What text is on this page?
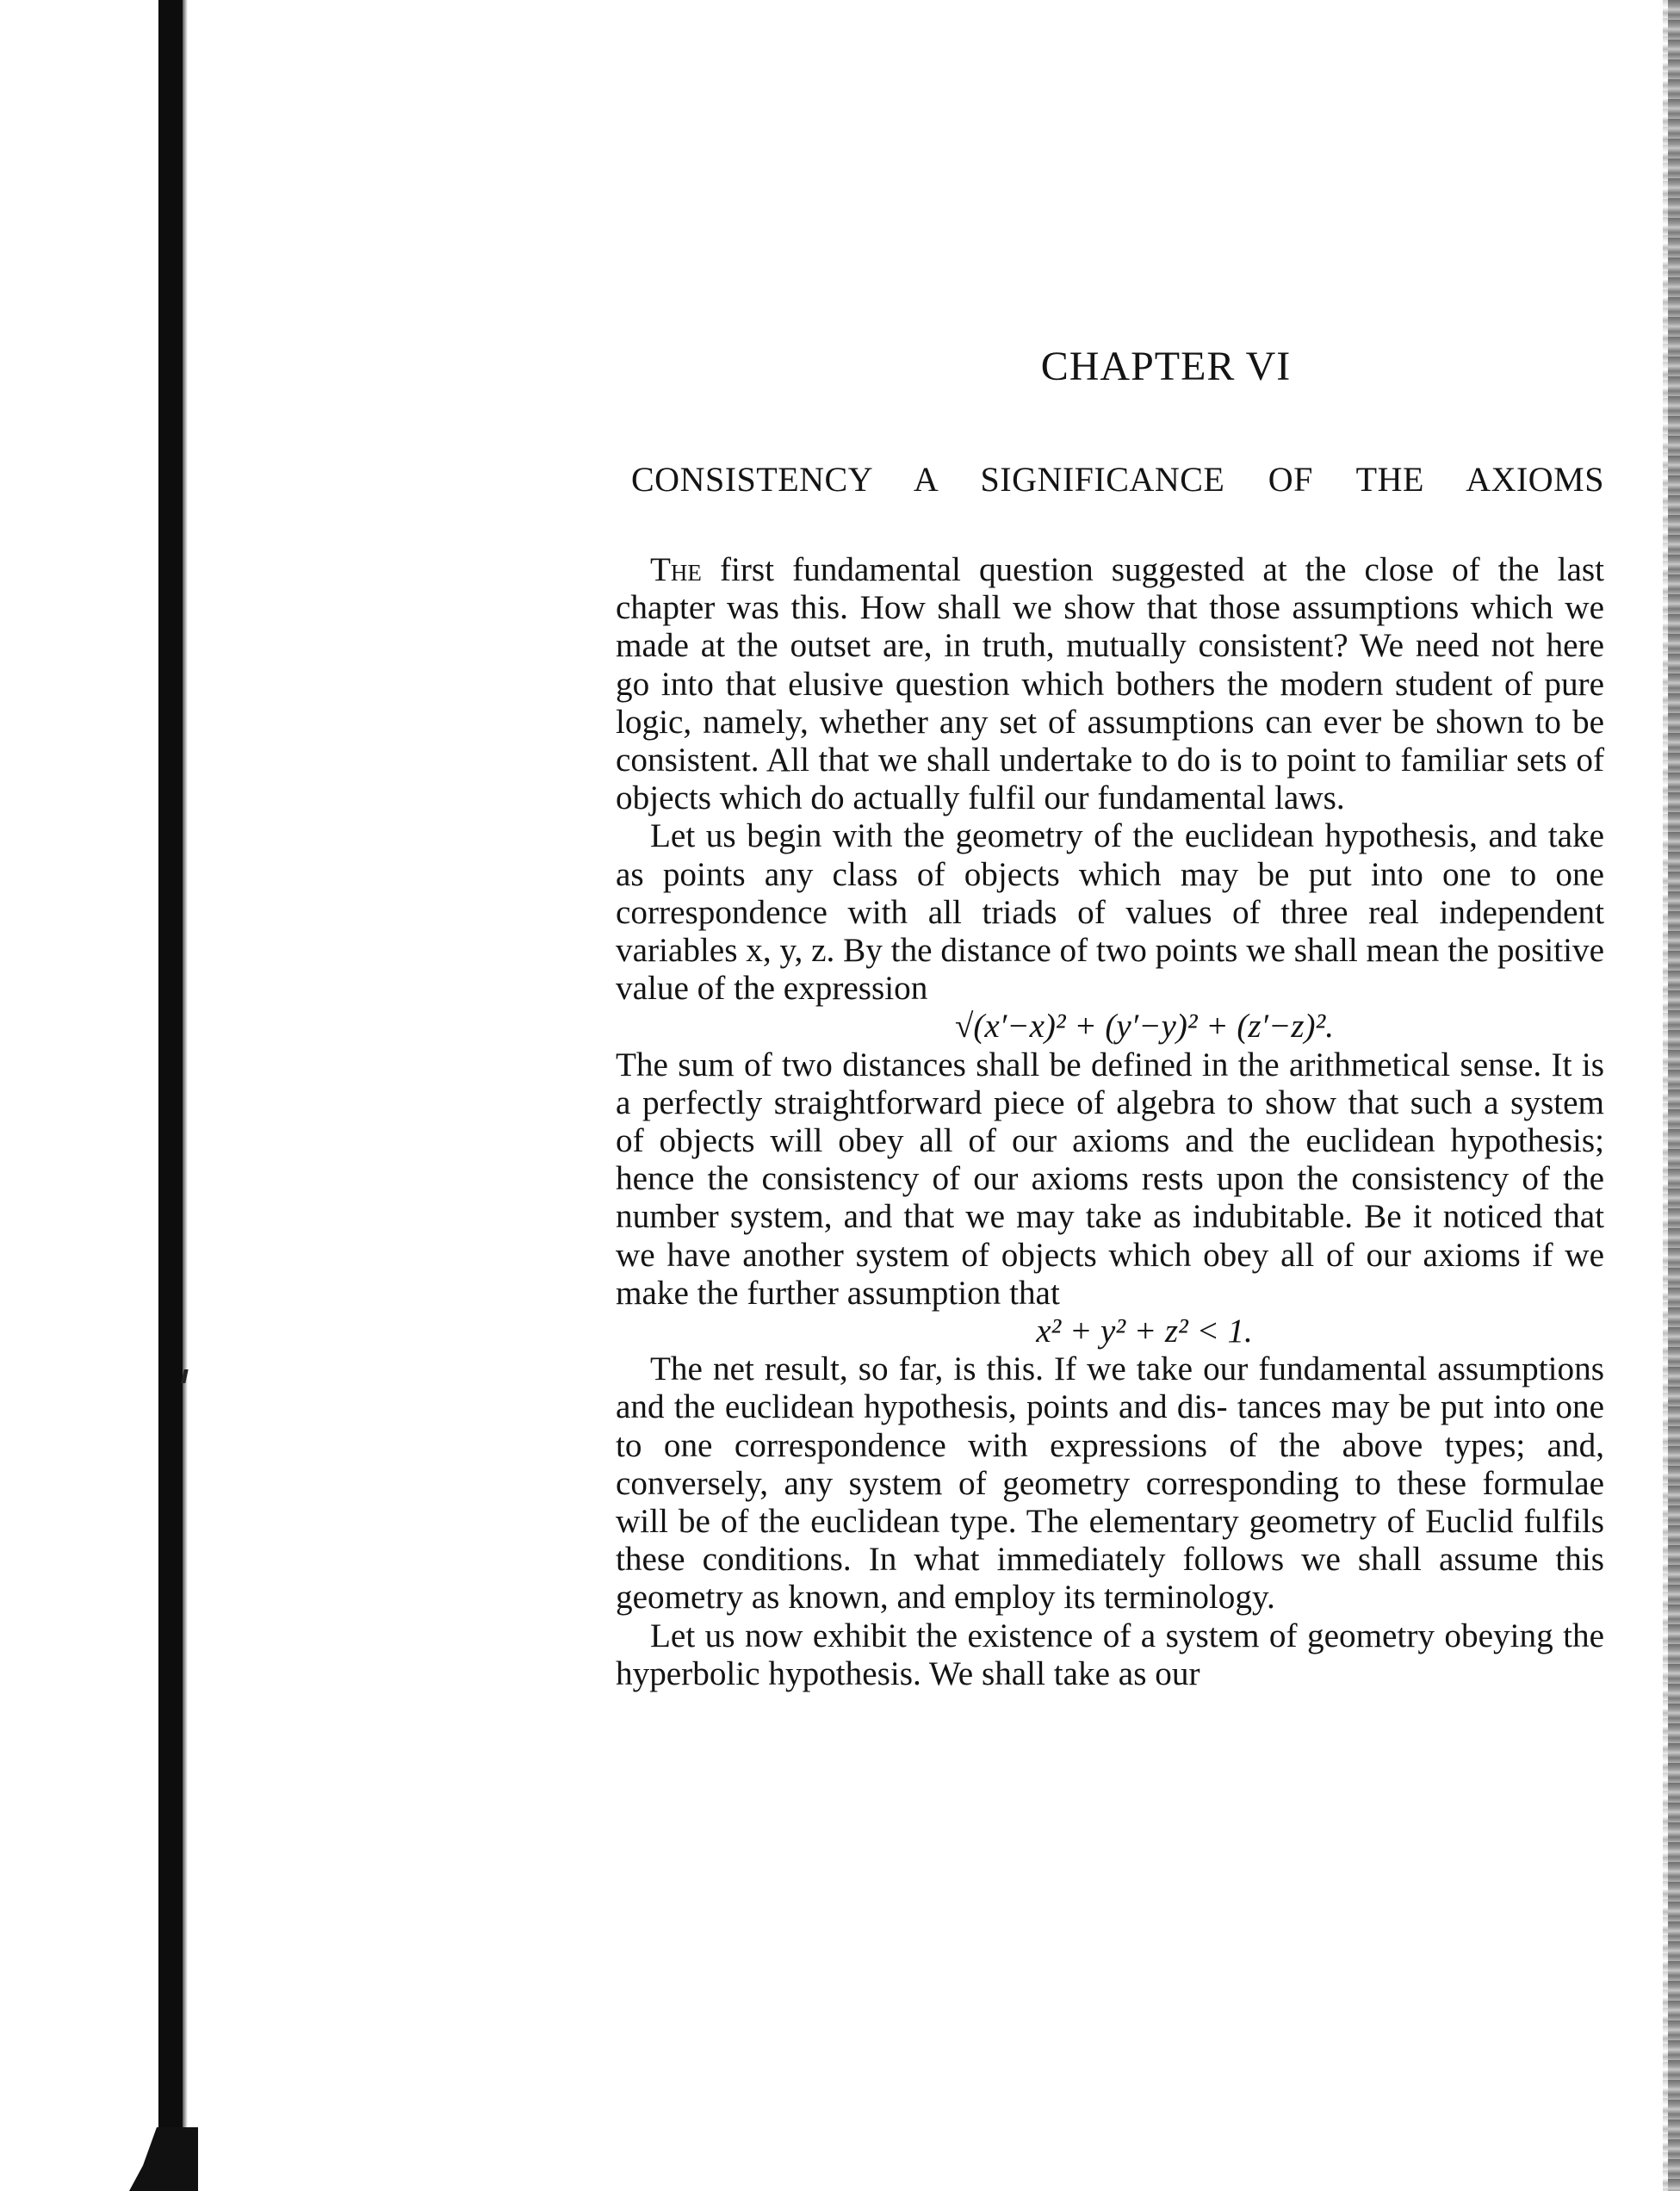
CHAPTER VI
CONSISTENCY A SIGNIFICANCE OF THE AXIOMS

The first fundamental question suggested at the close of the last chapter was this. How shall we show that those assumptions which we made at the outset are, in truth, mutually consistent? We need not here go into that elusive question which bothers the modern student of pure logic, namely, whether any set of assumptions can ever be shown to be consistent. All that we shall undertake to do is to point to familiar sets of objects which do actually fulfil our fundamental laws.

Let us begin with the geometry of the euclidean hypothesis, and take as points any class of objects which may be put into one to one correspondence with all triads of values of three real independent variables x, y, z. By the distance of two points we shall mean the positive value of the expression

√(x′−x)² + (y′−y)² + (z′−z)².

The sum of two distances shall be defined in the arithmetical sense. It is a perfectly straightforward piece of algebra to show that such a system of objects will obey all of our axioms and the euclidean hypothesis; hence the consistency of our axioms rests upon the consistency of the number system, and that we may take as indubitable. Be it noticed that we have another system of objects which obey all of our axioms if we make the further assumption that

x² + y² + z² < 1.

The net result, so far, is this. If we take our fundamental assumptions and the euclidean hypothesis, points and dis- tances may be put into one to one correspondence with expressions of the above types; and, conversely, any system of geometry corresponding to these formulae will be of the euclidean type. The elementary geometry of Euclid fulfils these conditions. In what immediately follows we shall assume this geometry as known, and employ its terminology.

Let us now exhibit the existence of a system of geometry obeying the hyperbolic hypothesis. We shall take as our
